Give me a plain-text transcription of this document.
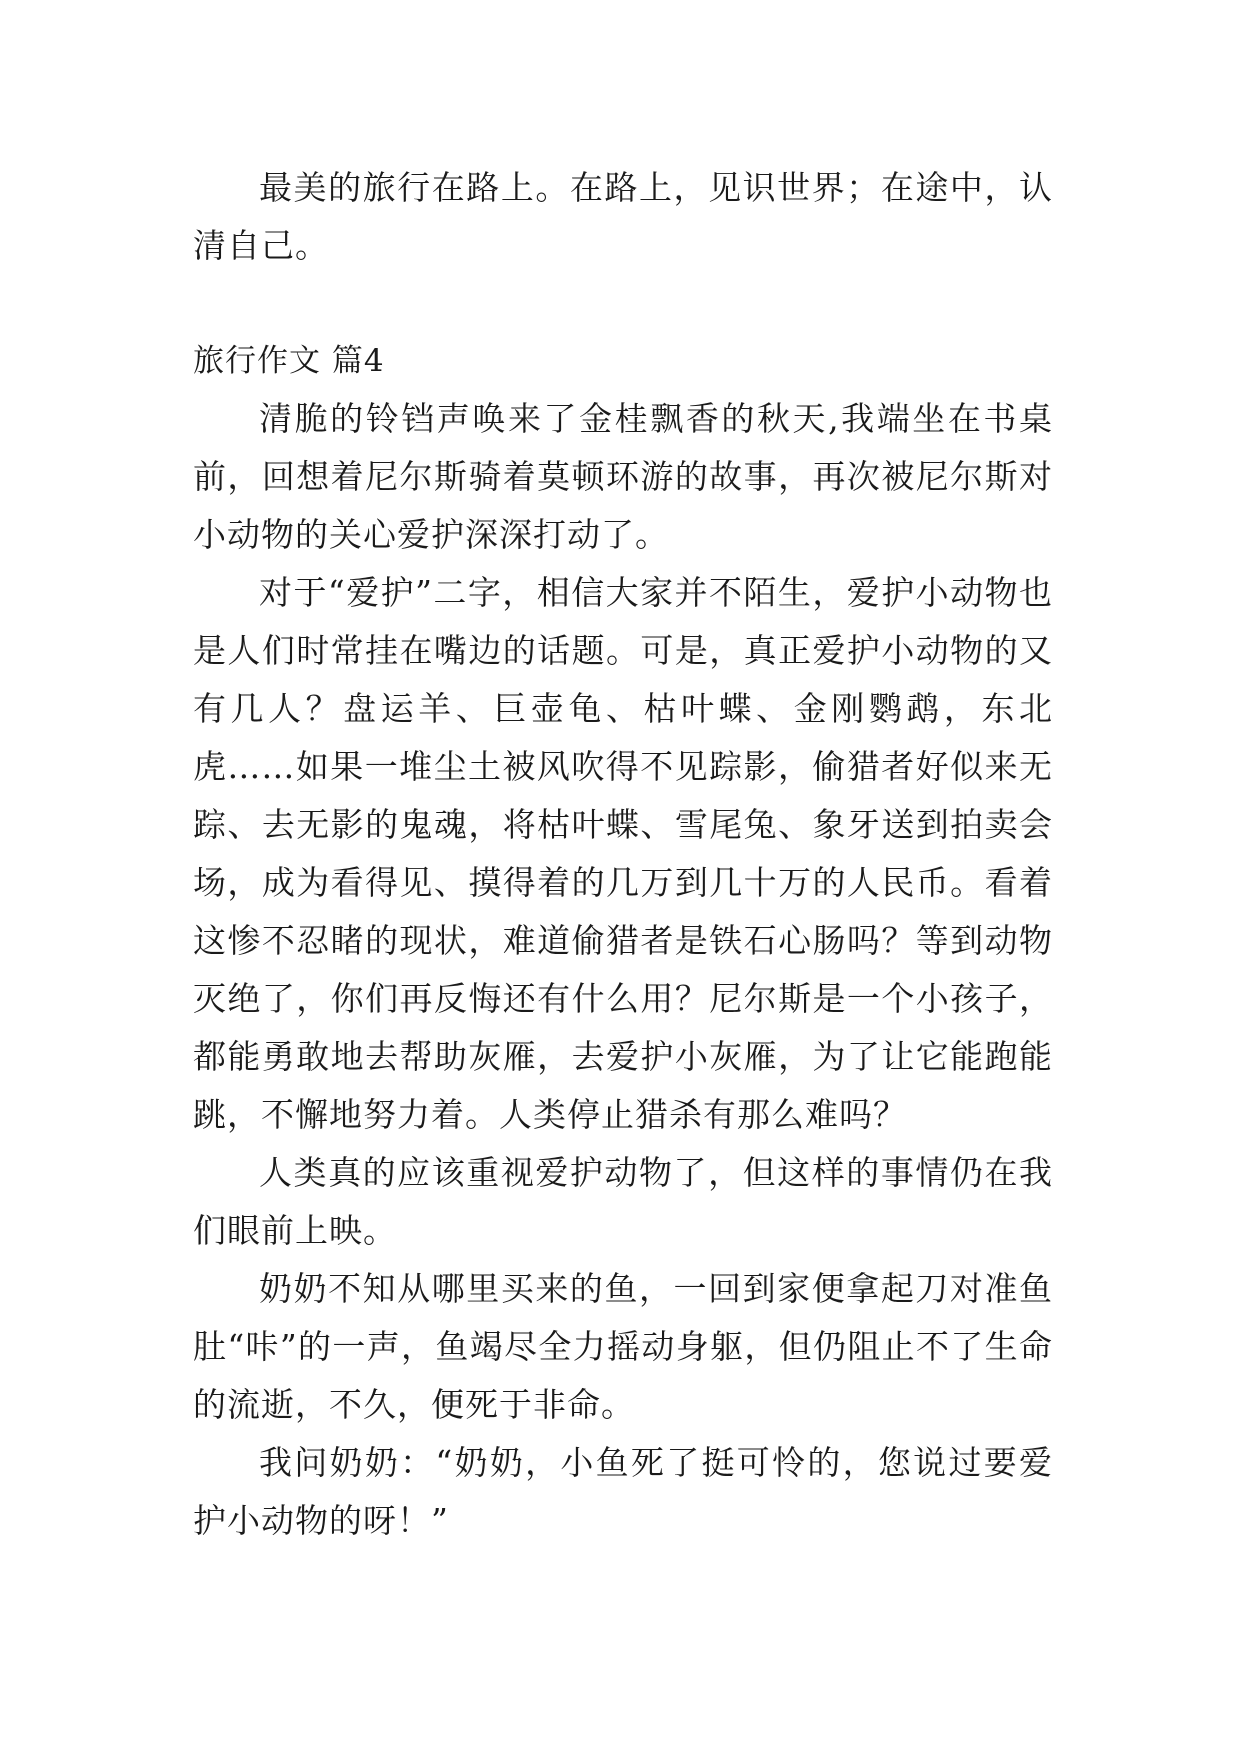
最美的旅行在路上。在路上，见识世界；在途中，认清自己。

旅行作文 篇4

清脆的铃铛声唤来了金桂飘香的秋天,我端坐在书桌前，回想着尼尔斯骑着莫顿环游的故事，再次被尼尔斯对小动物的关心爱护深深打动了。

对于“爱护”二字，相信大家并不陌生，爱护小动物也是人们时常挂在嘴边的话题。可是，真正爱护小动物的又有几人？盘运羊、巨壶龟、枯叶蝶、金刚鹦鹉，东北虎……如果一堆尘土被风吹得不见踪影，偷猎者好似来无踪、去无影的鬼魂，将枯叶蝶、雪尾兔、象牙送到拍卖会场，成为看得见、摸得着的几万到几十万的人民币。看着这惨不忍睹的现状，难道偷猎者是铁石心肠吗？等到动物灭绝了，你们再反悔还有什么用？尼尔斯是一个小孩子，都能勇敢地去帮助灰雁，去爱护小灰雁，为了让它能跑能跳，不懈地努力着。人类停止猎杀有那么难吗？

人类真的应该重视爱护动物了，但这样的事情仍在我们眼前上映。

奶奶不知从哪里买来的鱼，一回到家便拿起刀对准鱼肚“咔”的一声，鱼竭尽全力摇动身躯，但仍阻止不了生命的流逝，不久，便死于非命。

我问奶奶：“奶奶，小鱼死了挺可怜的，您说过要爱护小动物的呀！”
